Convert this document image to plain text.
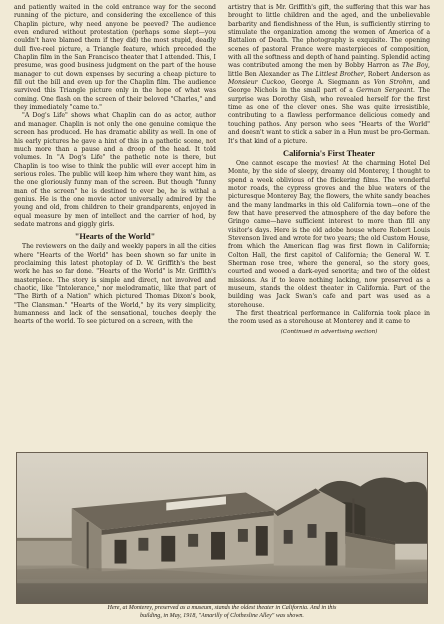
and patiently waited in the cold entrance way for the second running of the picture, and considering the excellence of this Chaplin picture, why need anyone be peeved? The audience even endured without protestation (perhaps some slept—you couldn't have blamed them if they did) the most stupid, deadly dull five-reel picture, a Triangle feature, which preceded the Chaplin film in the San Francisco theater that I attended. This, I presume, was good business judgment on the part of the house manager to cut down expenses by securing a cheap picture to fill out the bill and even up for the Chaplin film. The audience survived this Triangle picture only in the hope of what was coming. One flash on the screen of their beloved "Charles," and they immediately "came to."

"A Dog's Life" shows what Chaplin can do as actor, author and manager. Chaplin is not only the one genuine comique the screen has produced. He has dramatic ability as well. In one of his early pictures he gave a hint of this in a pathetic scene, not much more than a pause and a droop of the head. It told volumes. In "A Dog's Life" the pathetic note is there, but Chaplin is too wise to think the public will ever accept him in serious roles. The public will keep him where they want him, as the one gloriously funny man of the screen. But though "funny man of the screen" he is destined to ever be, he is withal a genius. He is the one movie actor universally admired by the young and old, from children to their grandparents, enjoyed in equal measure by men of intellect and the carrier of hod, by sedate matrons and giggly girls.

"Hearts of the World"

The reviewers on the daily and weekly papers in all the cities where "Hearts of the World" has been shown so far unite in proclaiming this latest photoplay of D. W. Griffith's the best work he has so far done. "Hearts of the World" is Mr. Griffith's masterpiece. The story is simple and direct, not involved and chaotic, like "Intolerance," nor melodramatic, like that part of "The Birth of a Nation" which pictured Thomas Dixon's book, "The Clansman." "Hearts of the World," by its very simplicity, humanness and lack of the sensational, touches deeply the hearts of the world. To see pictured on a screen, with the

artistry that is Mr. Griffith's gift, the suffering that this war has brought to little children and the aged, and the unbelievable barbarity and fiendishness of the Hun, is sufficiently stirring to stimulate the organization among the women of America of a Battalion of Death. The photography is exquisite. The opening scenes of pastoral France were masterpieces of composition, with all the softness and depth of hand painting. Splendid acting was contributed among the men by Bobby Harron as The Boy, little Ben Alexander as The Littlest Brother, Robert Anderson as Monsieur Cuckoo, George A. Siegmann as Von Strohm, and George Nichols in the small part of a German Sergeant. The surprise was Dorothy Gish, who revealed herself for the first time as one of the clever ones. She was quite irresistible, contributing to a flawless performance delicious comedy and touching pathos. Any person who sees "Hearts of the World" and doesn't want to stick a saber in a Hun must be pro-German. It's that kind of a picture.

California's First Theater

One cannot escape the movies! At the charming Hotel Del Monte, by the side of sleepy, dreamy old Monterey, I thought to spend a week oblivious of the flickering films. The wonderful motor roads, the cypress groves and the blue waters of the picturesque Monterey Bay, the flowers, the white sandy beaches and the many landmarks in this old California town—one of the few that have preserved the atmosphere of the day before the Gringo came—have sufficient interest to more than fill any visitor's days. Here is the old adobe house where Robert Louis Stevenson lived and wrote for two years; the old Custom House, from which the American flag was first flown in California; Colton Hall, the first capitol of California; the General W. T. Sherman rose tree, where the general, so the story goes, courted and wooed a dark-eyed senorita; and two of the oldest missions. As if to leave nothing lacking, now preserved as a museum, stands the oldest theater in California. Part of the building was Jack Swan's cafe and part was used as a storehouse.

The first theatrical performance in California took place in the room used as a storehouse at Monterey and it came to

(Continued in advertising section)
Here, at Monterey, preserved as a museum, stands the oldest theater in California. And in this
building, in May, 1918, "Amarilly of Clothesline Alley" was shown.
